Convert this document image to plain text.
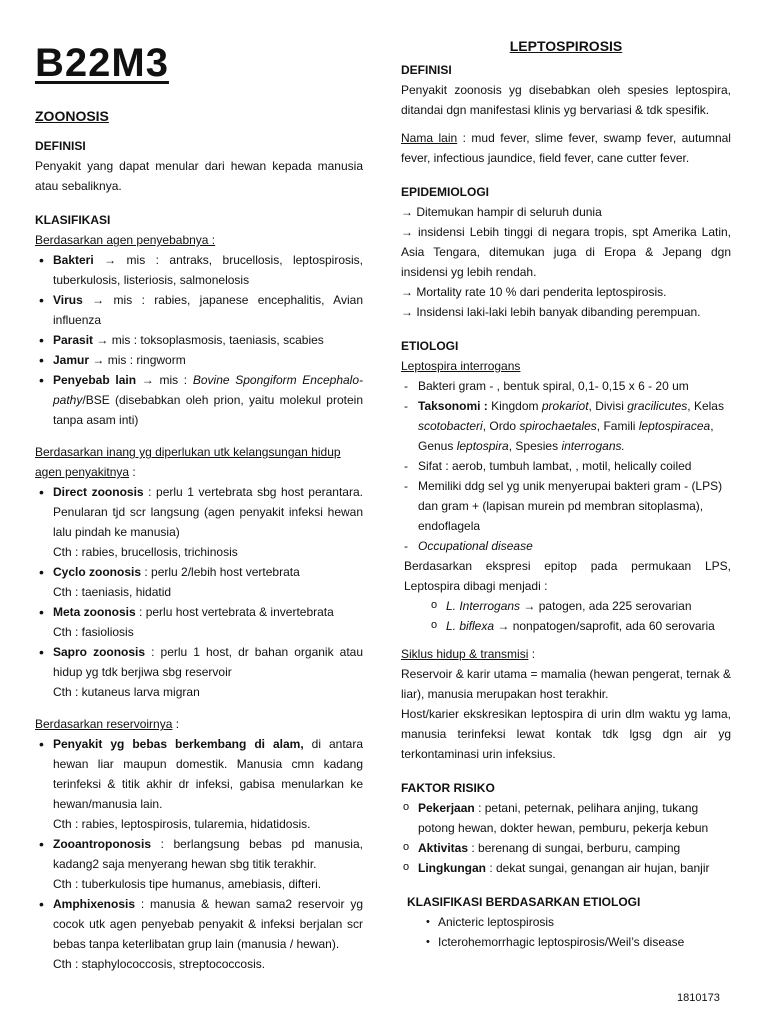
B22M3
ZOONOSIS
DEFINISI

Penyakit yang dapat menular dari hewan kepada manusia atau sebaliknya.

KLASIFIKASI
Berdasarkan agen penyebabnya :
• Bakteri → mis : antraks, brucellosis, leptospirosis, tuberkulosis, listeriosis, salmonelosis
• Virus → mis : rabies, japanese encephalitis, Avian influenza
• Parasit → mis : toksoplasmosis, taeniasis, scabies
• Jamur → mis : ringworm
• Penyebab lain → mis : Bovine Spongiform Encephalo-pathy/BSE (disebabkan oleh prion, yaitu molekul protein tanpa asam inti)
Berdasarkan inang yg diperlukan utk kelangsungan hidup agen penyakitnya :
• Direct zoonosis : perlu 1 vertebrata sbg host perantara. Penularan tjd scr langsung (agen penyakit infeksi hewan lalu pindah ke manusia)
Cth : rabies, brucellosis, trichinosis
• Cyclo zoonosis : perlu 2/lebih host vertebrata
Cth : taeniasis, hidatid
• Meta zoonosis : perlu host vertebrata & invertebrata
Cth : fasioliosis
• Sapro zoonosis : perlu 1 host, dr bahan organik atau hidup yg tdk berjiwa sbg reservoir
Cth : kutaneus larva migran
Berdasarkan reservoirnya :
• Penyakit yg bebas berkembang di alam, di antara hewan liar maupun domestik. Manusia cmn kadang terinfeksi & titik akhir dr infeksi, gabisa menularkan ke hewan/manusia lain.
Cth : rabies, leptospirosis, tularemia, hidatidosis.
• Zooantroponosis : berlangsung bebas pd manusia, kadang2 saja menyerang hewan sbg titik terakhir.
Cth : tuberkulosis tipe humanus, amebiasis, difteri.
• Amphixenosis : manusia & hewan sama2 reservoir yg cocok utk agen penyebab penyakit & infeksi berjalan scr bebas tanpa keterlibatan grup lain (manusia / hewan).
Cth : staphylococcosis, streptococcosis.
LEPTOSPIROSIS
DEFINISI

Penyakit zoonosis yg disebabkan oleh spesies leptospira, ditandai dgn manifestasi klinis yg bervariasi & tdk spesifik.

Nama lain : mud fever, slime fever, swamp fever, autumnal fever, infectious jaundice, field fever, cane cutter fever.

EPIDEMIOLOGI

→ Ditemukan hampir di seluruh dunia

→ insidensi Lebih tinggi di negara tropis, spt Amerika Latin, Asia Tengara, ditemukan juga di Eropa & Jepang dgn insidensi yg lebih rendah.

→ Mortality rate 10 % dari penderita leptospirosis.

→ Insidensi laki-laki lebih banyak dibanding perempuan.

ETIOLOGI
Leptospira interrogans
- Bakteri gram - , bentuk spiral, 0,1- 0,15 x 6 - 20 um
- Taksonomi : Kingdom prokariot, Divisi gracilicutes, Kelas scotobacteri, Ordo spirochaetales, Famili leptospiracea, Genus leptospira, Spesies interrogans.
- Sifat : aerob, tumbuh lambat, , motil, helically coiled
- Memiliki ddg sel yg unik menyerupai bakteri gram - (LPS) dan gram + (lapisan murein pd membran sitoplasma), endoflagela
- Occupational disease

Berdasarkan ekspresi epitop pada permukaan LPS, Leptospira dibagi menjadi :

o L. Interrogans → patogen, ada 225 serovarian
o L. biflexa → nonpatogen/saprofit, ada 60 serovaria
Siklus hidup & transmisi :

Reservoir & karir utama = mamalia (hewan pengerat, ternak & liar), manusia merupakan host terakhir.

Host/karier ekskresikan leptospira di urin dlm waktu yg lama, manusia terinfeksi lewat kontak tdk lgsg dgn air yg terkontaminasi urin infeksius.

FAKTOR RISIKO
o Pekerjaan : petani, peternak, pelihara anjing, tukang potong hewan, dokter hewan, pemburu, pekerja kebun
o Aktivitas : berenang di sungai, berburu, camping
o Lingkungan : dekat sungai, genangan air hujan, banjir
KLASIFIKASI BERDASARKAN ETIOLOGI
• Anicteric leptospirosis
• Icterohemorrhagic leptospirosis/Weil’s disease
1810173
